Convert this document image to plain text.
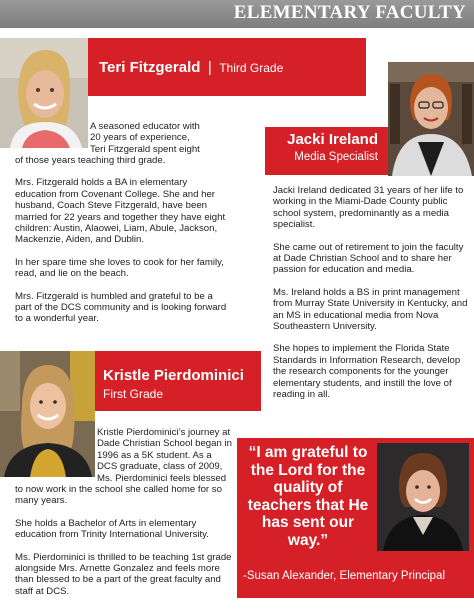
ELEMENTARY FACULTY
Teri Fitzgerald | Third Grade
A seasoned educator with
20 years of experience,
Teri Fitzgerald spent eight

of those years teaching third grade.

Mrs. Fitzgerald holds a BA in elementary education from Covenant College. She and her husband, Coach Steve Fitzgerald, have been married for 22 years and together they have eight children: Austin, Alaowei, Liam, Abule, Jackson, Mackenzie, Aiden, and Dublin.

In her spare time she loves to cook for her family, read, and lie on the beach.

Mrs. Fitzgerald is humbled and grateful to be a part of the DCS community and is looking forward to a wonderful year.

Jacki Ireland
Media Specialist

Jacki Ireland dedicated 31 years of her life to working in the Miami-Dade County public school system, predominantly as a media specialist.

She came out of retirement to join the faculty at Dade Christian School and to share her passion for education and media.

Ms. Ireland holds a BS in print management from Murray State University in Kentucky, and an MS in educational media from Nova Southeastern University.

She hopes to implement the Florida State Standards in Information Research, develop the research components for the younger elementary students, and instill the love of reading in all.

Kristle Pierdominici
First Grade
Kristle Pierdominici’s journey at
Dade Christian School began in
1996 as a 5K student. As a
DCS graduate, class of 2009,
Ms. Pierdominici feels blessed

to now work in the school she called home for so many years.

She holds a Bachelor of Arts in elementary education from Trinity International University.

Ms. Pierdominici is thrilled to be teaching 1st grade alongside Mrs. Arnette Gonzalez and feels more than blessed to be a part of the great faculty and staff at DCS.

“I am grateful to the Lord for the quality of teachers that He has sent our way.”
-Susan Alexander, Elementary Principal
